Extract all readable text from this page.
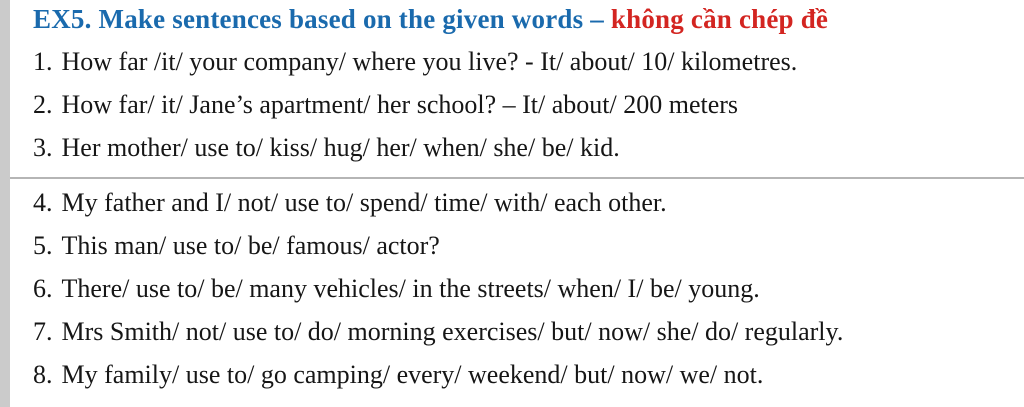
EX5. Make sentences based on the given words – không cần chép đề
1. How far /it/ your company/ where you live? - It/ about/ 10/ kilometres.
2. How far/ it/ Jane’s apartment/ her school? – It/ about/ 200 meters
3. Her mother/ use to/ kiss/ hug/ her/ when/ she/ be/ kid.
4. My father and I/ not/ use to/ spend/ time/ with/ each other.
5. This man/ use to/ be/ famous/ actor?
6. There/ use to/ be/ many vehicles/ in the streets/ when/ I/ be/ young.
7. Mrs Smith/ not/ use to/ do/ morning exercises/ but/ now/ she/ do/ regularly.
8. My family/ use to/ go camping/ every/ weekend/ but/ now/ we/ not.
